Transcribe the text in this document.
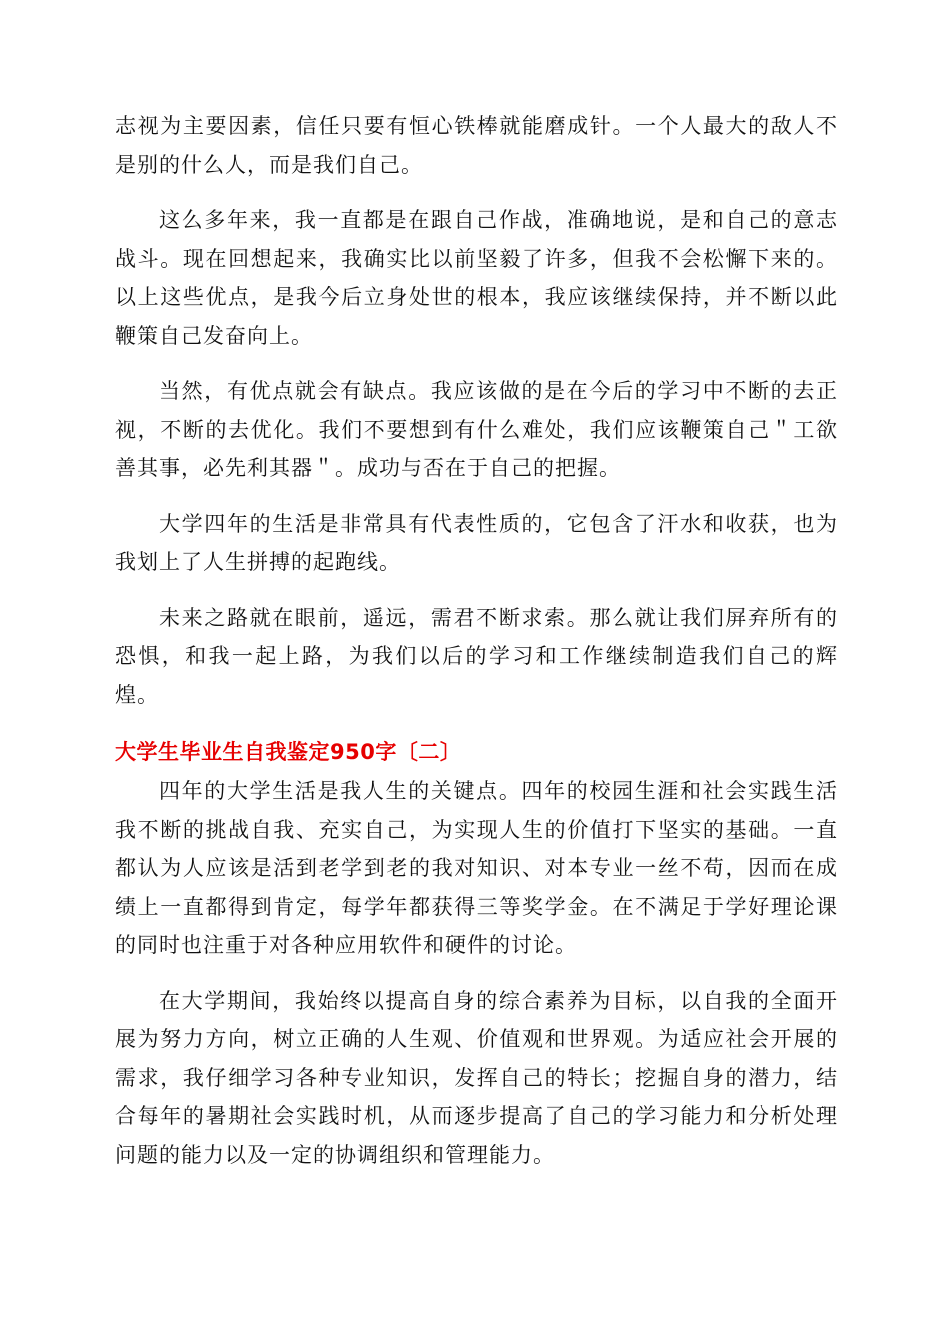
志视为主要因素，信任只要有恒心铁棒就能磨成针。一个人最大的敌人不是别的什么人，而是我们自己。

这么多年来，我一直都是在跟自己作战，准确地说，是和自己的意志战斗。现在回想起来，我确实比以前坚毅了许多，但我不会松懈下来的。以上这些优点，是我今后立身处世的根本，我应该继续保持，并不断以此鞭策自己发奋向上。

当然，有优点就会有缺点。我应该做的是在今后的学习中不断的去正视，不断的去优化。我们不要想到有什么难处，我们应该鞭策自己＂工欲善其事，必先利其器＂。成功与否在于自己的把握。

大学四年的生活是非常具有代表性质的，它包含了汗水和收获，也为我划上了人生拼搏的起跑线。

未来之路就在眼前，遥远，需君不断求索。那么就让我们屏弃所有的恐惧，和我一起上路，为我们以后的学习和工作继续制造我们自己的辉煌。

大学生毕业生自我鉴定950字〔二〕

四年的大学生活是我人生的关键点。四年的校园生涯和社会实践生活我不断的挑战自我、充实自己，为实现人生的价值打下坚实的基础。一直都认为人应该是活到老学到老的我对知识、对本专业一丝不苟，因而在成绩上一直都得到肯定，每学年都获得三等奖学金。在不满足于学好理论课的同时也注重于对各种应用软件和硬件的讨论。

在大学期间，我始终以提高自身的综合素养为目标，以自我的全面开展为努力方向，树立正确的人生观、价值观和世界观。为适应社会开展的需求，我仔细学习各种专业知识，发挥自己的特长；挖掘自身的潜力，结合每年的暑期社会实践时机，从而逐步提高了自己的学习能力和分析处理问题的能力以及一定的协调组织和管理能力。
